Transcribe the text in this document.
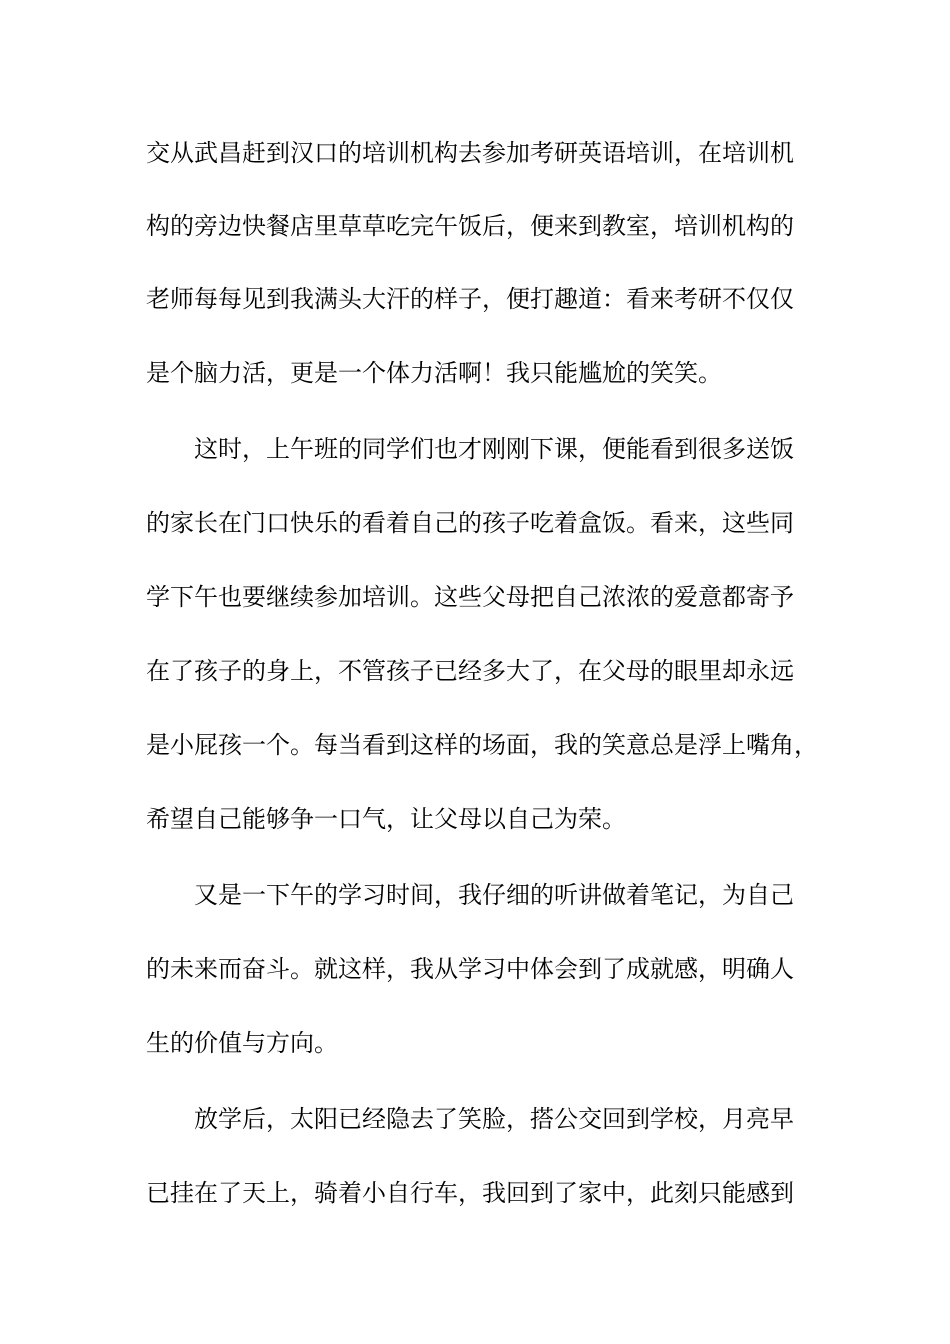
交从武昌赶到汉口的培训机构去参加考研英语培训，在培训机
构的旁边快餐店里草草吃完午饭后，便来到教室，培训机构的
老师每每见到我满头大汗的样子，便打趣道：看来考研不仅仅
是个脑力活，更是一个体力活啊！我只能尴尬的笑笑。
这时，上午班的同学们也才刚刚下课，便能看到很多送饭
的家长在门口快乐的看着自己的孩子吃着盒饭。看来，这些同
学下午也要继续参加培训。这些父母把自己浓浓的爱意都寄予
在了孩子的身上，不管孩子已经多大了，在父母的眼里却永远
是小屁孩一个。每当看到这样的场面，我的笑意总是浮上嘴角，
希望自己能够争一口气，让父母以自己为荣。
又是一下午的学习时间，我仔细的听讲做着笔记，为自己
的未来而奋斗。就这样，我从学习中体会到了成就感，明确人
生的价值与方向。
放学后，太阳已经隐去了笑脸，搭公交回到学校，月亮早
已挂在了天上，骑着小自行车，我回到了家中，此刻只能感到
